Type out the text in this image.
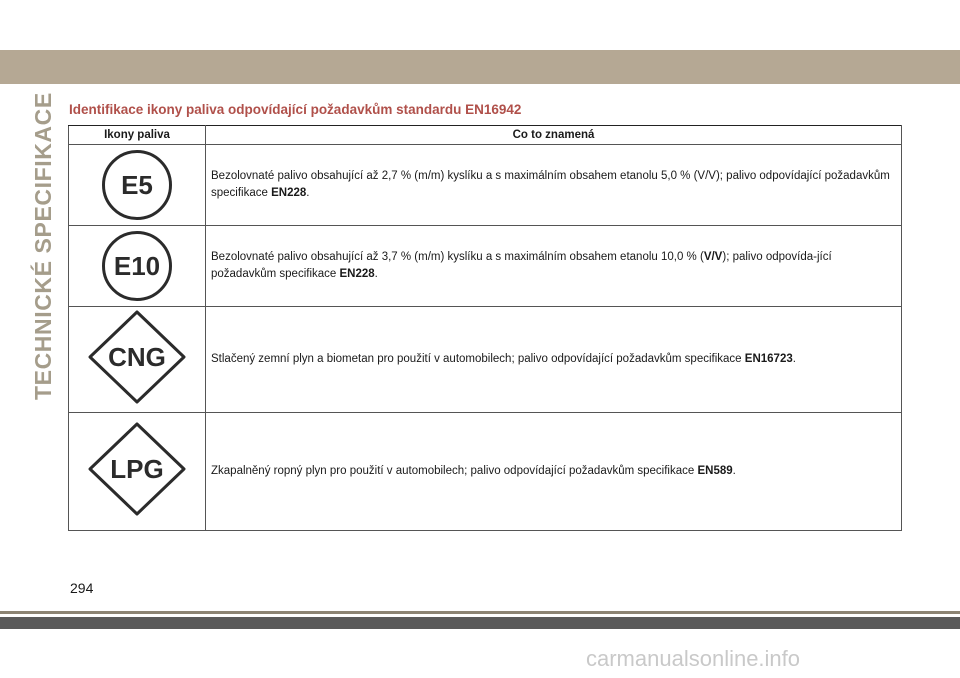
TECHNICKÉ SPECIFIKACE Identifikace ikony paliva odpovídající požadavkům standardu EN16942
Ikony paliva	Co to znamená
E5	Bezolovnaté palivo obsahující až 2,7 % (m/m) kyslíku a s maximálním obsahem etanolu 5,0 % (V/V); palivo odpovídající požadavkům specifikace EN228.
E10	Bezolovnaté palivo obsahující až 3,7 % (m/m) kyslíku a s maximálním obsahem etanolu 10,0 % (V/V); palivo odpovída-jící požadavkům specifikace EN228.

CNG	Stlačený zemní plyn a biometan pro použití v automobilech; palivo odpovídající požadavkům specifikace EN16723.

LPG	Zkapalněný ropný plyn pro použití v automobilech; palivo odpovídající požadavkům specifikace EN589.
294
carmanualsonline.info
